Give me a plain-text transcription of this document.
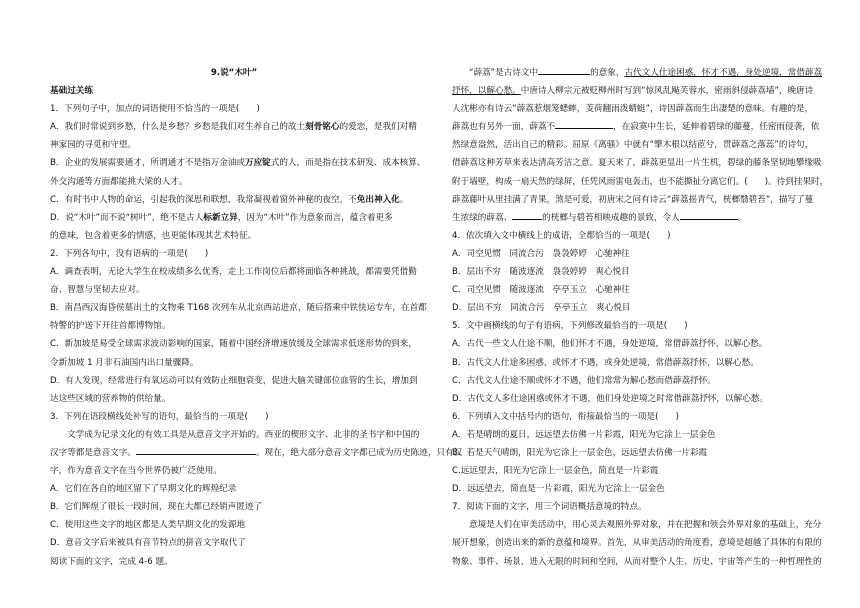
9.说“木叶”
基础过关练
1．下列句子中，加点的词语使用不恰当的一项是(　　)
A．我们时常说到乡愁，什么是乡愁？乡愁是我们对生养自己的故土刻骨铭心的爱恋，是我们对精
神家园的寻觅和守望。
B．企业的发展需要通才，所谓通才不是指万金油或万应锭式的人，而是指在技术研发、成本核算、
外交沟通等方面都能挑大梁的人才。
C．有时书中人物的命运，引起我的深思和联想，我常凝视着窗外神秘的夜空，不免出神入化。
D．说“木叶”而不说“树叶”，绝不是古人标新立异，因为“木叶”作为意象而言，蕴含着更多
的意味，包含着更多的情感，也更能体现其艺术特征。
2．下列各句中，没有语病的一项是(　　)
A．调查表明，无论大学生在校成绩多么优秀，走上工作岗位后都将面临各种挑战，都需要凭借勤
奋、智慧与坚韧去应对。
B．南昌西汉海昏侯墓出土的文物乘 T168 次列车从北京西站进京，随后搭乘中铁快运专车，在首都
特警的护送下开往首都博物馆。
C．新加坡是易受全球需求波动影响的国家，随着中国经济增速放缓及全球需求低迷形势的到来，
令新加坡 1 月非石油国内出口量骤降。
D．有人发现，经常进行有氧运动可以有效防止细胞衰变，促进大脑关键部位血管的生长，增加到
达这些区域的营养物的供给量。
3．下列在语段横线处补写的语句，最恰当的一项是(　　)
文学成为记录文化的有效工具是从意音文字开始的。西亚的楔形文字、北非的圣书字和中国的
汉字等都是意音文字。	。现在，绝大部分意音文字都已成为历史陈迹，只有汉
字，作为意音文字在当今世界仍被广泛使用。
A．它们在各自的地区留下了早期文化的辉煌纪录
B．它们辉煌了很长一段时间，现在大都已经销声匿迹了
C．使用这些文字的地区都是人类早期文化的发源地
D．意音文字后来被具有音节特点的拼音文字取代了
阅读下面的文字，完成 4-6 题。
“薜荔”是古诗文中	的意象，古代文人仕途困惑，怀才不遇，身处逆境，常借薜荔
抒怀，以解心愁。中唐诗人柳宗元被贬柳州时写到“惊风乱飐芙蓉水，密雨斜侵薜荔墙”，晚唐诗
人沈彬亦有诗云“薜荔惹烟笼蟋蟀，芰荷翻雨泼蜻蜓”，诗因薜荔而生出凄楚的意味。有趣的是，
薜荔也有另外一面，薜荔不	，在寂寞中生长，延伸着碧绿的藤蔓，任密雨侵袭，依
然绿意盎然，活出自己的精彩。屈原《离骚》中就有“擥木根以结茝兮，贯薜荔之落蕊”的诗句，
借薜荔这种芳草来表达清高芳洁之意。夏天来了，薜荔更显出一片生机，碧绿的藤条坚韧地攀缘吸
附于墙壁，构成一扇天然的绿屏，任凭风雨雷电轰击，也不能撕扯分离它们。(　　)。待到挂果时，
薜荔藤叶从里挂满了青果，煞是可爱，初唐宋之问有诗云“薜荔摇青气，桄榔翳碧苔”，描写了蔓
生浓绿的薜荔、	的桄榔与碧苔相映成趣的景致，令人	。
4．依次填入文中横线上的成语，全都恰当的一项是(　　)
A．司空见惯　同流合污　袅袅婷婷　心驰神往
B．层出不穷　随波逐流　袅袅婷婷　爽心悦目
C．司空见惯　随波逐流　亭亭玉立　心驰神往
D．层出不穷　同流合污　亭亭玉立　爽心悦目
5．文中画横线的句子有语病，下列修改最恰当的一项是(　　)
A．古代一些文人仕途不顺，他们怀才不遇，身处逆境，常借薜荔抒怀，以解心愁。
B．古代文人仕途多困惑，或怀才不遇，或身处逆境，常借薜荔抒怀，以解心愁。
C．古代文人仕途不顺或怀才不遇，他们常常为解心愁而借薜荔抒怀。
D．古代文人多仕途困惑或怀才不遇，他们身处逆境之时常借薜荔抒怀，以解心愁。
6．下列填入文中括号内的语句，衔接最恰当的一项是(　　)
A．若是晴朗的夏日，远远望去仿佛一片彩霞，阳光为它涂上一层金色
B．若是天气晴朗，阳光为它涂上一层金色，远远望去仿佛一片彩霞
C.远远望去，阳光为它涂上一层金色，简直是一片彩霞
D．远远望去，简直是一片彩霞，阳光为它涂上一层金色
7．阅读下面的文字，用三个词语概括意境的特点。
意境是人们在审美活动中，用心灵去观照外界对象，并在把握和领会外界对象的基础上，充分
展开想象，创造出来的新的意蕴和境界。首先，从审美活动的角度看，意境是超越了具体的有限的
物象、事件、场景，进入无限的时间和空间，从而对整个人生、历史、宇宙等产生的一种哲理性的
